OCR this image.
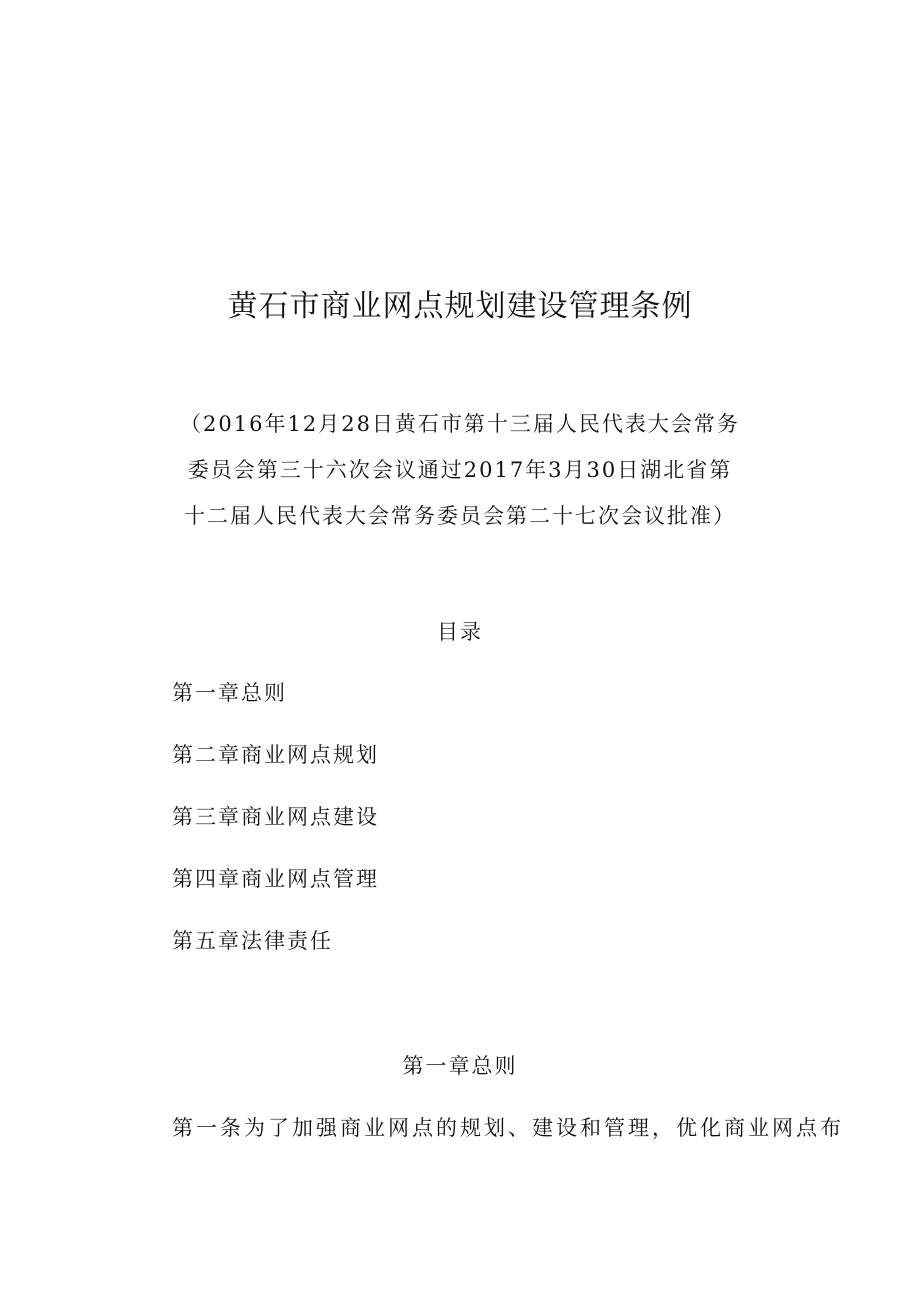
黄石市商业网点规划建设管理条例
（2016年12月28日黄石市第十三届人民代表大会常务
委员会第三十六次会议通过2017年3月30日湖北省第
十二届人民代表大会常务委员会第二十七次会议批准）
目录
第一章总则
第二章商业网点规划
第三章商业网点建设
第四章商业网点管理
第五章法律责任
第一章总则
第一条为了加强商业网点的规划、建设和管理，优化商业网点布
